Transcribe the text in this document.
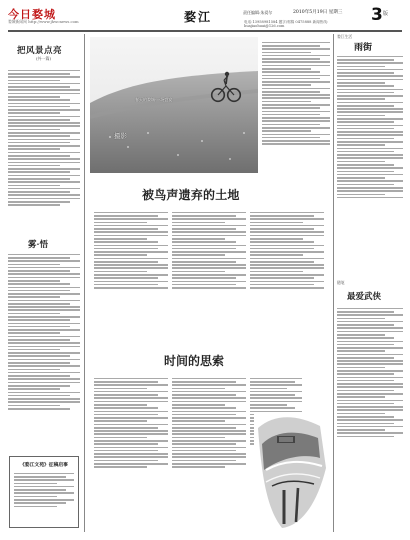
今日婺城
婺城新闻网 http://www.jhwcnews.com	婺江	责任编辑:朱爱尔	2010年5月19日 星期三
电话:13958981584 题字/郭锦 0475888 新闻热线: huajiaohuai@126.com
3 版
把风景点亮
(外一篇)
雾·悟
《婺江文苑》征稿启事
春天的婺城·一场盛宴
摄影
被鸟声遗弃的土地
时间的思索
婺江生活
雨街
随笔
最爱武侠
